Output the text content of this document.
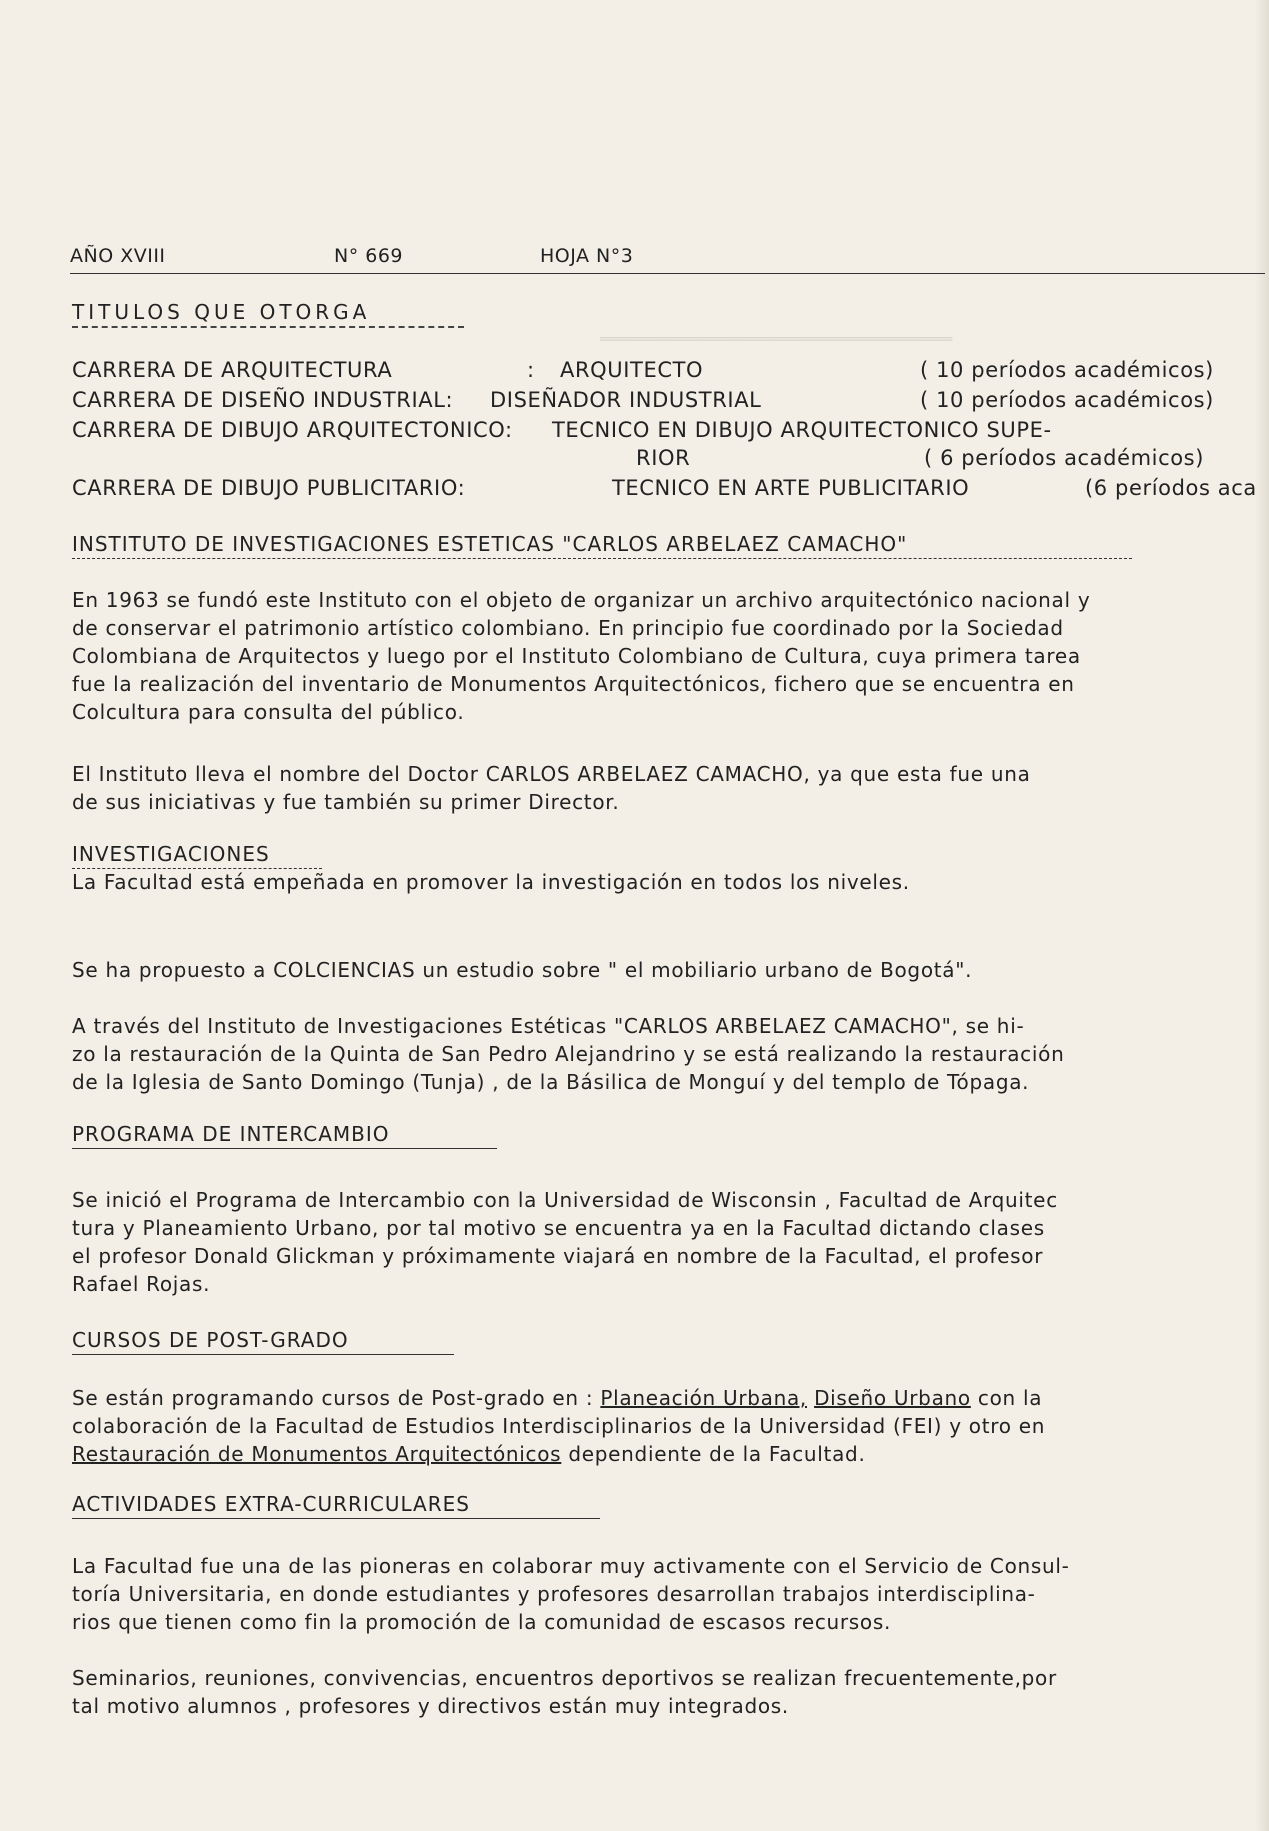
═══════════════════════════════════════
AÑO XVIII	N° 669	HOJA N°3
TITULOS QUE OTORGA
CARRERA DE ARQUITECTURA	: ARQUITECTO	( 10 períodos académicos)
CARRERA DE DISEÑO INDUSTRIAL: DISEÑADOR INDUSTRIAL	( 10 períodos académicos)
CARRERA DE DIBUJO ARQUITECTONICO: TECNICO EN DIBUJO ARQUITECTONICO SUPE-
RIOR	( 6 períodos académicos)
CARRERA DE DIBUJO PUBLICITARIO:	TECNICO EN ARTE PUBLICITARIO	(6 períodos aca
INSTITUTO DE INVESTIGACIONES ESTETICAS "CARLOS ARBELAEZ CAMACHO"
En 1963 se fundó este Instituto con el objeto de organizar un archivo arquitectónico nacional y
de conservar el patrimonio artístico colombiano. En principio fue coordinado por la Sociedad
Colombiana de Arquitectos y luego por el Instituto Colombiano de Cultura, cuya primera tarea
fue la realización del inventario de Monumentos Arquitectónicos, fichero que se encuentra en
Colcultura para consulta del público.
El Instituto lleva el nombre del Doctor CARLOS ARBELAEZ CAMACHO, ya que esta fue una
de sus iniciativas y fue también su primer Director.
INVESTIGACIONES
La Facultad está empeñada en promover la investigación en todos los niveles.
Se ha propuesto a COLCIENCIAS un estudio sobre " el mobiliario urbano de Bogotá".
A través del Instituto de Investigaciones Estéticas "CARLOS ARBELAEZ CAMACHO", se hi-
zo la restauración de la Quinta de San Pedro Alejandrino y se está realizando la restauración
de la Iglesia de Santo Domingo (Tunja) , de la Básilica de Monguí y del templo de Tópaga.
PROGRAMA DE INTERCAMBIO
Se inició el Programa de Intercambio con la Universidad de Wisconsin , Facultad de Arquitec
tura y Planeamiento Urbano, por tal motivo se encuentra ya en la Facultad dictando clases
el profesor Donald Glickman y próximamente viajará en nombre de la Facultad, el profesor
Rafael Rojas.
CURSOS DE POST-GRADO
Se están programando cursos de Post-grado en : Planeación Urbana, Diseño Urbano con la
colaboración de la Facultad de Estudios Interdisciplinarios de la Universidad (FEI) y otro en
Restauración de Monumentos Arquitectónicos dependiente de la Facultad.
ACTIVIDADES EXTRA-CURRICULARES
La Facultad fue una de las pioneras en colaborar muy activamente con el Servicio de Consul-
toría Universitaria, en donde estudiantes y profesores desarrollan trabajos interdisciplina-
rios que tienen como fin la promoción de la comunidad de escasos recursos.
Seminarios, reuniones, convivencias, encuentros deportivos se realizan frecuentemente,por
tal motivo alumnos , profesores y directivos están muy integrados.
